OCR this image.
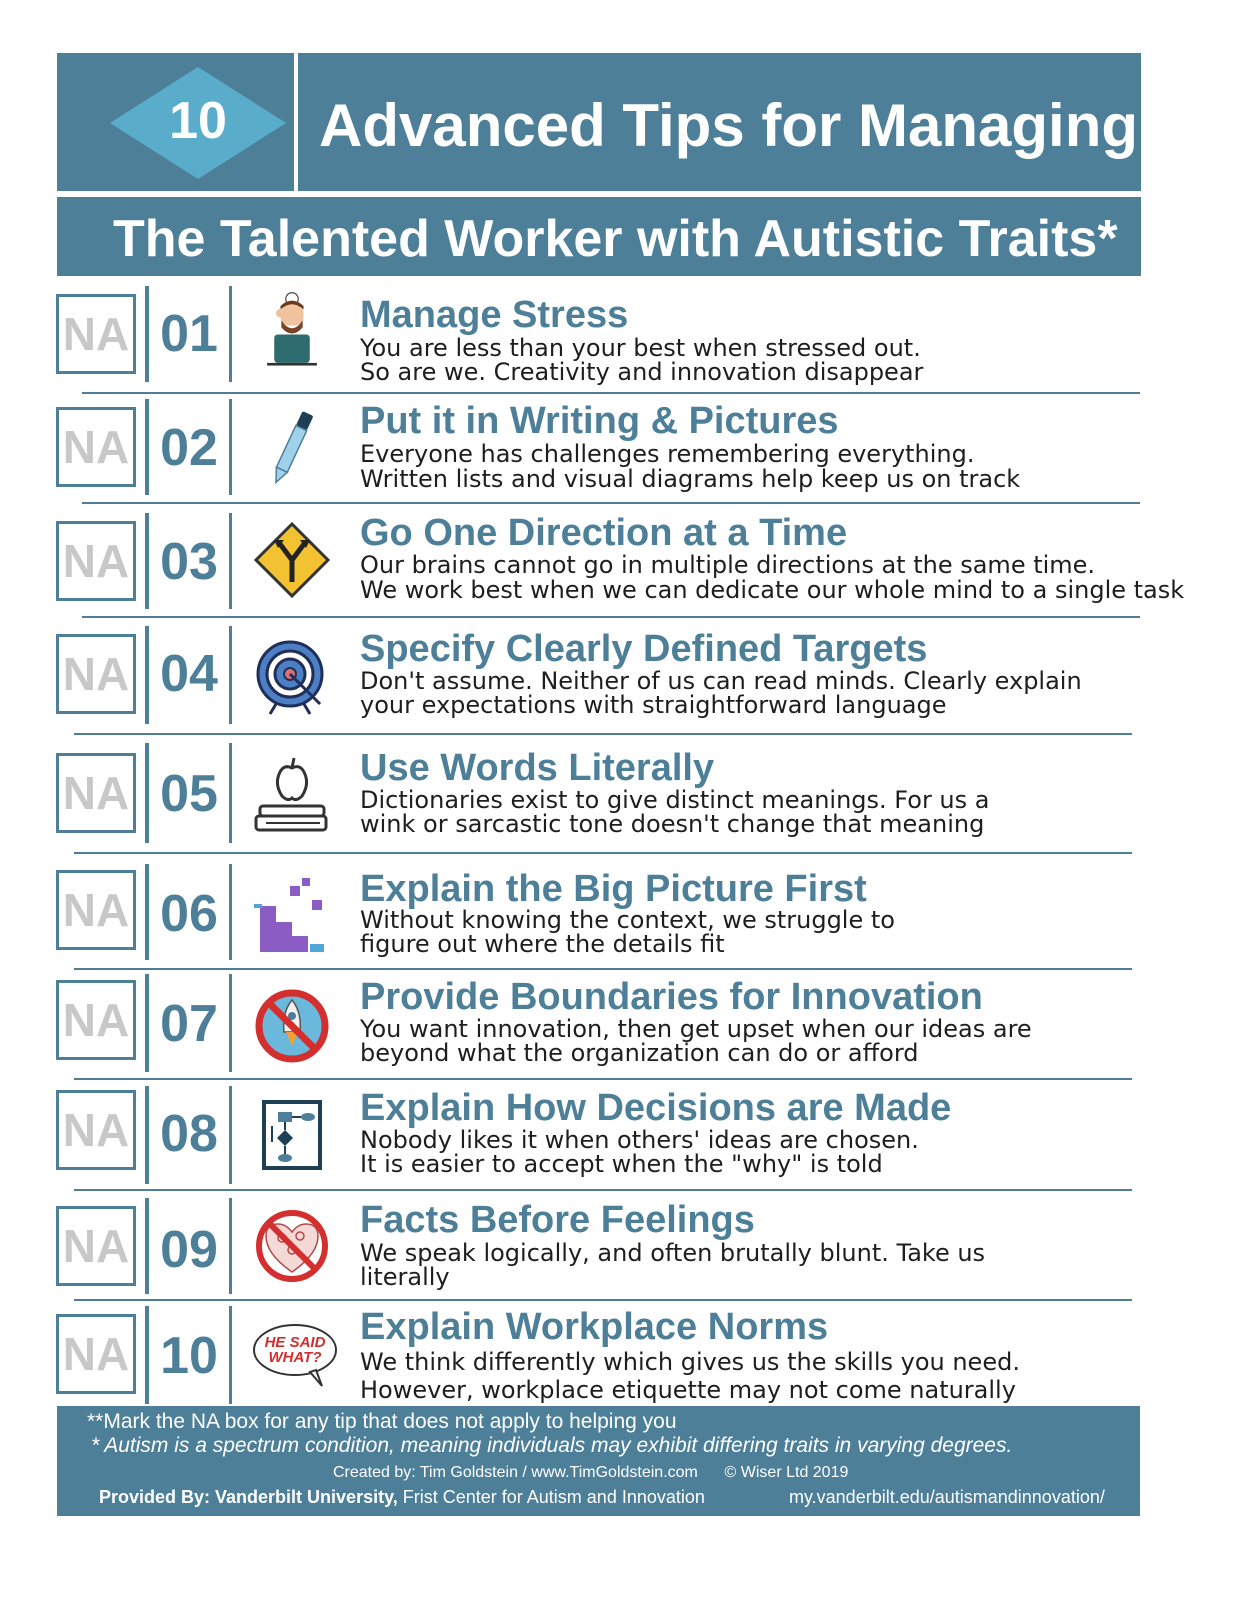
10	Advanced Tips for Managing
The Talented Worker with Autistic Traits*
NA 01	Manage Stress
You are less than your best when stressed out.
So are we. Creativity and innovation disappear
NA 02	Put it in Writing & Pictures
Everyone has challenges remembering everything.
Written lists and visual diagrams help keep us on track
NA 03	Go One Direction at a Time
Our brains cannot go in multiple directions at the same time.
We work best when we can dedicate our whole mind to a single task
NA 04	Specify Clearly Defined Targets
Don't assume. Neither of us can read minds. Clearly explain
your expectations with straightforward language
NA 05	Use Words Literally
Dictionaries exist to give distinct meanings. For us a
wink or sarcastic tone doesn't change that meaning
NA 06	Explain the Big Picture First
Without knowing the context, we struggle to
figure out where the details fit
NA 07	Provide Boundaries for Innovation
You want innovation, then get upset when our ideas are
beyond what the organization can do or afford
NA 08	Explain How Decisions are Made
Nobody likes it when others' ideas are chosen.
It is easier to accept when the "why" is told
NA 09
Facts Before Feelings
We speak logically, and often brutally blunt. Take us
literally
NA 10	HE SAID
WHAT?
Explain Workplace Norms
We think differently which gives us the skills you need.
However, workplace etiquette may not come naturally
**Mark the NA box for any tip that does not apply to helping you
* Autism is a spectrum condition, meaning individuals may exhibit differing traits in varying degrees.
Created by: Tim Goldstein / www.TimGoldstein.com      © Wiser Ltd 2019
Provided By: Vanderbilt University, Frist Center for Autism and Innovation	my.vanderbilt.edu/autismandinnovation/
